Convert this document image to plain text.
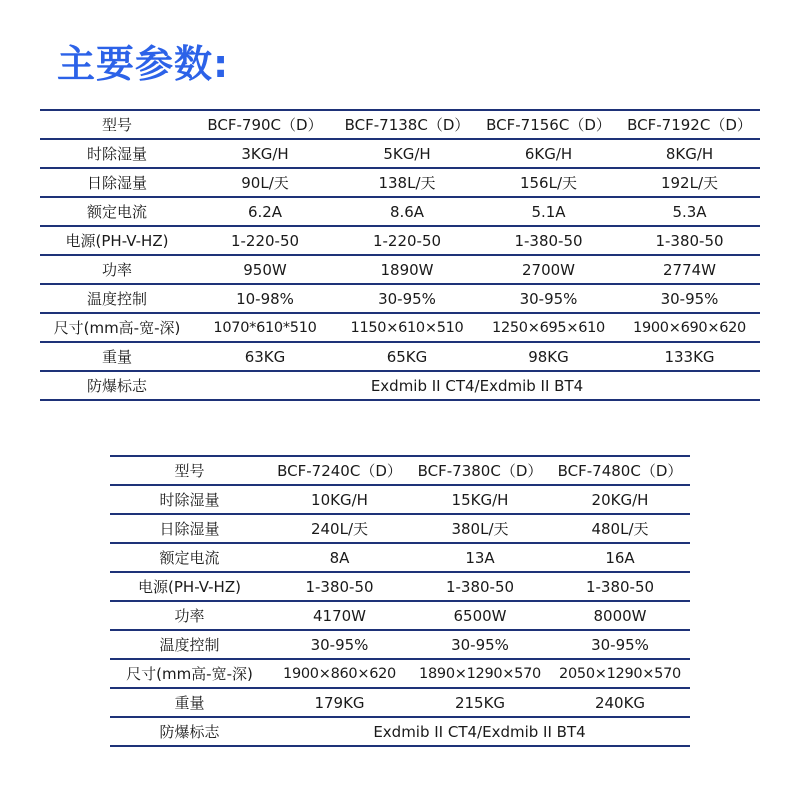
主要参数:
型号	BCF-790C（D）	BCF-7138C（D）	BCF-7156C（D）	BCF-7192C（D）
时除湿量	3KG/H	5KG/H	6KG/H	8KG/H
日除湿量	90L/天	138L/天	156L/天	192L/天
额定电流	6.2A	8.6A	5.1A	5.3A
电源(PH-V-HZ)	1-220-50	1-220-50	1-380-50	1-380-50
功率	950W	1890W	2700W	2774W
温度控制	10-98%	30-95%	30-95%	30-95%
尺寸(mm高-宽-深)	1070*610*510	1150×610×510	1250×695×610	1900×690×620
重量	63KG	65KG	98KG	133KG
防爆标志	Exdmib II CT4/Exdmib II BT4			
型号	BCF-7240C（D）	BCF-7380C（D）	BCF-7480C（D）
时除湿量	10KG/H	15KG/H	20KG/H
日除湿量	240L/天	380L/天	480L/天
额定电流	8A	13A	16A
电源(PH-V-HZ)	1-380-50	1-380-50	1-380-50
功率	4170W	6500W	8000W
温度控制	30-95%	30-95%	30-95%
尺寸(mm高-宽-深)	1900×860×620	1890×1290×570	2050×1290×570
重量	179KG	215KG	240KG
防爆标志	Exdmib II CT4/Exdmib II BT4		
